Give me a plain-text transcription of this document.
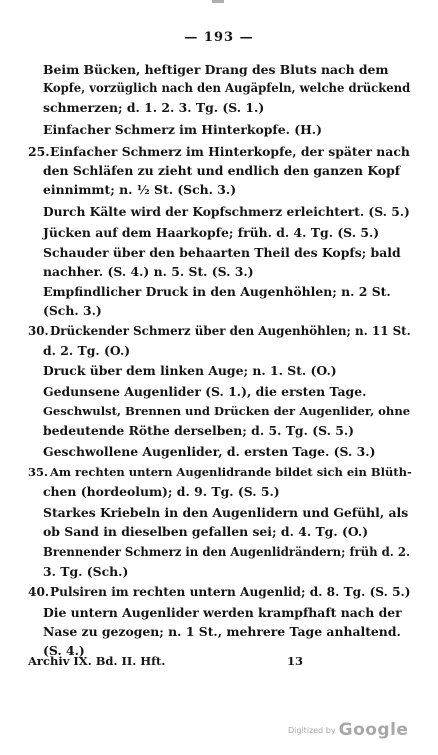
— 193 —
Beim Bücken, heftiger Drang des Bluts nach dem
Kopfe, vorzüglich nach den Augäpfeln, welche drückend
schmerzen; d. 1. 2. 3. Tg. (S. 1.)
Einfacher Schmerz im Hinterkopfe. (H.)
25.Einfacher Schmerz im Hinterkopfe, der später nach
den Schläfen zu zieht und endlich den ganzen Kopf
einnimmt; n. ½ St. (Sch. 3.)
Durch Kälte wird der Kopfschmerz erleichtert. (S. 5.)
Jücken auf dem Haarkopfe; früh. d. 4. Tg. (S. 5.)
Schauder über den behaarten Theil des Kopfs; bald
nachher. (S. 4.) n. 5. St. (S. 3.)
Empfindlicher Druck in den Augenhöhlen; n. 2 St.
(Sch. 3.)
30.Drückender Schmerz über den Augenhöhlen; n. 11 St.
d. 2. Tg. (O.)
Druck über dem linken Auge; n. 1. St. (O.)
Gedunsene Augenlider (S. 1.), die ersten Tage.
Geschwulst, Brennen und Drücken der Augenlider, ohne
bedeutende Röthe derselben; d. 5. Tg. (S. 5.)
Geschwollene Augenlider, d. ersten Tage. (S. 3.)
35. Am rechten untern Augenlidrande bildet sich ein Blüth-
chen (hordeolum); d. 9. Tg. (S. 5.)
Starkes Kriebeln in den Augenlidern und Gefühl, als
ob Sand in dieselben gefallen sei; d. 4. Tg. (O.)
Brennender Schmerz in den Augenlidrändern; früh d. 2.
3. Tg. (Sch.)
40.Pulsiren im rechten untern Augenlid; d. 8. Tg. (S. 5.)
Die untern Augenlider werden krampfhaft nach der
Nase zu gezogen; n. 1 St., mehrere Tage anhaltend.
(S. 4.)
Archiv IX. Bd. II. Hft.	13
Digitized by Google
